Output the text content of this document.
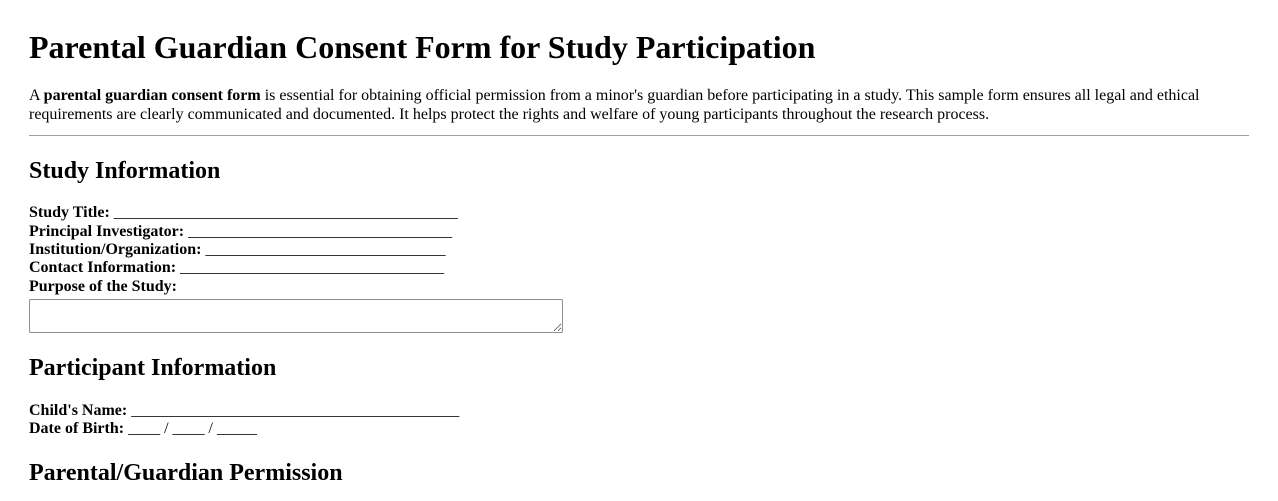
Parental Guardian Consent Form for Study Participation

A parental guardian consent form is essential for obtaining official permission from a minor's guardian before participating in a study. This sample form ensures all legal and ethical requirements are clearly communicated and documented. It helps protect the rights and welfare of young participants throughout the research process.

Study Information

Study Title: ___________________________________________
Principal Investigator: _________________________________
Institution/Organization: ______________________________
Contact Information: _________________________________
Purpose of the Study:

Participant Information

Child's Name: _________________________________________
Date of Birth: ____ / ____ / _____

Parental/Guardian Permission
